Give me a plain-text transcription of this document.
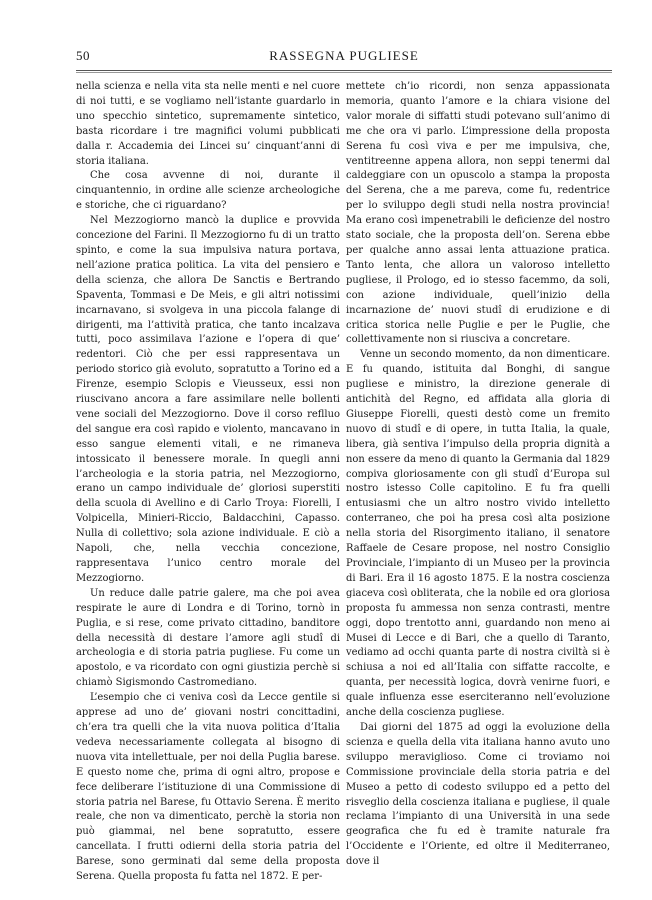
50	RASSEGNA PUGLIESE

nella scienza e nella vita sta nelle menti e nel cuore di noi tutti, e se vogliamo nell’istante guardarlo in uno specchio sintetico, supremamente sintetico, basta ricordare i tre magnifici volumi pubblicati dalla r. Accademia dei Lincei su’ cinquant’anni di storia italiana.

Che cosa avvenne di noi, durante il cinquantennio, in ordine alle scienze archeologiche e storiche, che ci riguardano?

Nel Mezzogiorno mancò la duplice e provvida concezione del Farini. Il Mezzogiorno fu di un tratto spinto, e come la sua impulsiva natura portava, nell’azione pratica politica. La vita del pensiero e della scienza, che allora De Sanctis e Bertrando Spaventa, Tommasi e De Meis, e gli altri notissimi incarnavano, si svolgeva in una piccola falange di dirigenti, ma l’attività pratica, che tanto incalzava tutti, poco assimilava l’azione e l’opera di que’ redentori. Ciò che per essi rappresentava un periodo storico già evoluto, sopratutto a Torino ed a Firenze, esempio Sclopis e Vieusseux, essi non riuscivano ancora a fare assimilare nelle bollenti vene sociali del Mezzogiorno. Dove il corso reflluo del sangue era così rapido e violento, mancavano in esso sangue elementi vitali, e ne rimaneva intossicato il benessere morale. In quegli anni l’archeologia e la storia patria, nel Mezzogiorno, erano un campo individuale de’ gloriosi superstiti della scuola di Avellino e di Carlo Troya: Fiorelli, I Volpicella, Minieri-Riccio, Baldacchini, Capasso. Nulla di collettivo; sola azione individuale. E ciò a Napoli, che, nella vecchia concezione, rappresentava l’unico centro morale del Mezzogiorno.

Un reduce dalle patrie galere, ma che poi avea respirate le aure di Londra e di Torino, tornò in Puglia, e si rese, come privato cittadino, banditore della necessità di destare l’amore agli studî di archeologia e di storia patria pugliese. Fu come un apostolo, e va ricordato con ogni giustizia perchè si chiamò Sigismondo Castromediano.

L’esempio che ci veniva così da Lecce gentile si apprese ad uno de’ giovani nostri concittadini, ch’era tra quelli che la vita nuova politica d’Italia vedeva necessariamente collegata al bisogno di nuova vita intellettuale, per noi della Puglia barese. E questo nome che, prima di ogni altro, propose e fece deliberare l’istituzione di una Commissione di storia patria nel Barese, fu Ottavio Serena. È merito reale, che non va dimenticato, perchè la storia non può giammai, nel bene sopratutto, essere cancellata. I frutti odierni della storia patria del Barese, sono germinati dal seme della proposta Serena. Quella proposta fu fatta nel 1872. E per-

mettete ch’io ricordi, non senza appassionata memoria, quanto l’amore e la chiara visione del valor morale di siffatti studi potevano sull’animo di me che ora vi parlo. L’impressione della proposta Serena fu così viva e per me impulsiva, che, ventitreenne appena allora, non seppi tenermi dal caldeggiare con un opuscolo a stampa la proposta del Serena, che a me pareva, come fu, redentrice per lo sviluppo degli studi nella nostra provincia! Ma erano così impenetrabili le deficienze del nostro stato sociale, che la proposta dell’on. Serena ebbe per qualche anno assai lenta attuazione pratica. Tanto lenta, che allora un valoroso intelletto pugliese, il Prologo, ed io stesso facemmo, da soli, con azione individuale, quell’inizio della incarnazione de’ nuovi studî di erudizione e di critica storica nelle Puglie e per le Puglie, che collettivamente non si riusciva a concretare.

Venne un secondo momento, da non dimenticare. E fu quando, istituita dal Bonghi, di sangue pugliese e ministro, la direzione generale di antichità del Regno, ed affidata alla gloria di Giuseppe Fiorelli, questi destò come un fremito nuovo di studî e di opere, in tutta Italia, la quale, libera, già sentiva l’impulso della propria dignità a non essere da meno di quanto la Germania dal 1829 compiva gloriosamente con gli studî d’Europa sul nostro istesso Colle capitolino. E fu fra quelli entusiasmi che un altro nostro vivido intelletto conterraneo, che poi ha presa così alta posizione nella storia del Risorgimento italiano, il senatore Raffaele de Cesare propose, nel nostro Consiglio Provinciale, l’impianto di un Museo per la provincia di Bari. Era il 16 agosto 1875. E la nostra coscienza giaceva così obliterata, che la nobile ed ora gloriosa proposta fu ammessa non senza contrasti, mentre oggi, dopo trentotto anni, guardando non meno ai Musei di Lecce e di Bari, che a quello di Taranto, vediamo ad occhi quanta parte di nostra civiltà si è schiusa a noi ed all’Italia con siffatte raccolte, e quanta, per necessità logica, dovrà venirne fuori, e quale influenza esse eserciteranno nell’evoluzione anche della coscienza pugliese.

Dai giorni del 1875 ad oggi la evoluzione della scienza e quella della vita italiana hanno avuto uno sviluppo meraviglioso. Come ci troviamo noi Commissione provinciale della storia patria e del Museo a petto di codesto sviluppo ed a petto del risveglio della coscienza italiana e pugliese, il quale reclama l’impianto di una Università in una sede geografica che fu ed è tramite naturale fra l’Occidente e l’Oriente, ed oltre il Mediterraneo, dove il
